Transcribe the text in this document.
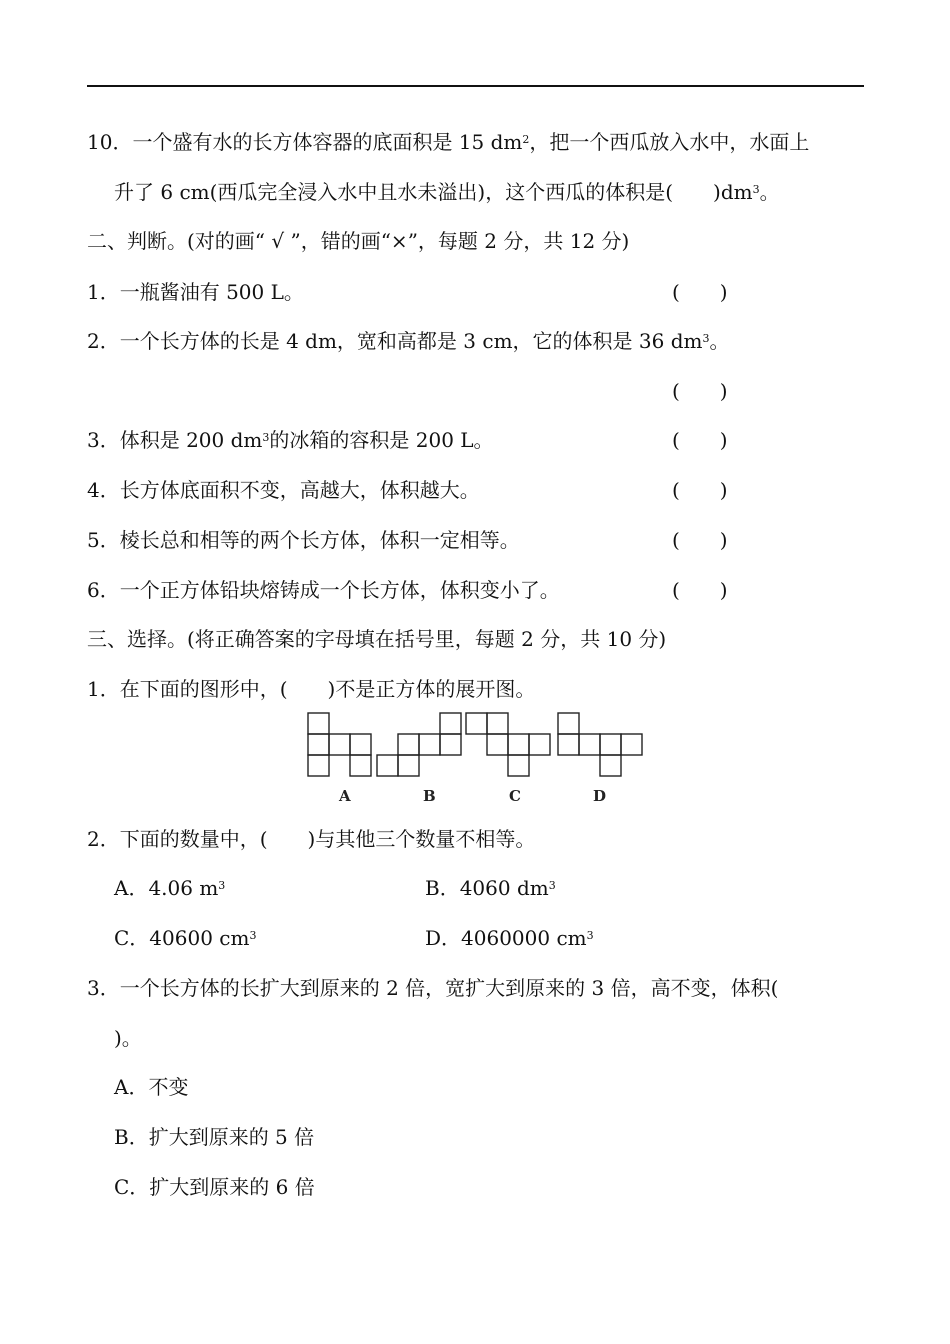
10．一个盛有水的长方体容器的底面积是 15 $dm^2$，把一个西瓜放入水中，水面上
升了 6 cm(西瓜完全浸入水中且水未溢出)，这个西瓜的体积是( )$dm^3$。
二、判断。(对的画“ √ ”，错的画“×”，每题 2 分，共 12 分)
1．一瓶酱油有 500 L。	(　　)
2．一个长方体的长是 4 dm，宽和高都是 3 cm，它的体积是 36 $dm^3$。
(　　)
3．体积是 200 $dm^3$的冰箱的容积是 200 L。	(　　)
4．长方体底面积不变，高越大，体积越大。	(　　)
5．棱长总和相等的两个长方体，体积一定相等。	(　　)
6．一个正方体铅块熔铸成一个长方体，体积变小了。	(　　)
三、选择。(将正确答案的字母填在括号里，每题 2 分，共 10 分)
1．在下面的图形中，( )不是正方体的展开图。
A	B	C	D
2．下面的数量中，( )与其他三个数量不相等。
A．4.06 $m^3$	B．4060 $dm^3$
C．40600 $cm^3$	D．4060000 $cm^3$
3．一个长方体的长扩大到原来的 2 倍，宽扩大到原来的 3 倍，高不变，体积(
)。
A．不变
B．扩大到原来的 5 倍
C．扩大到原来的 6 倍
